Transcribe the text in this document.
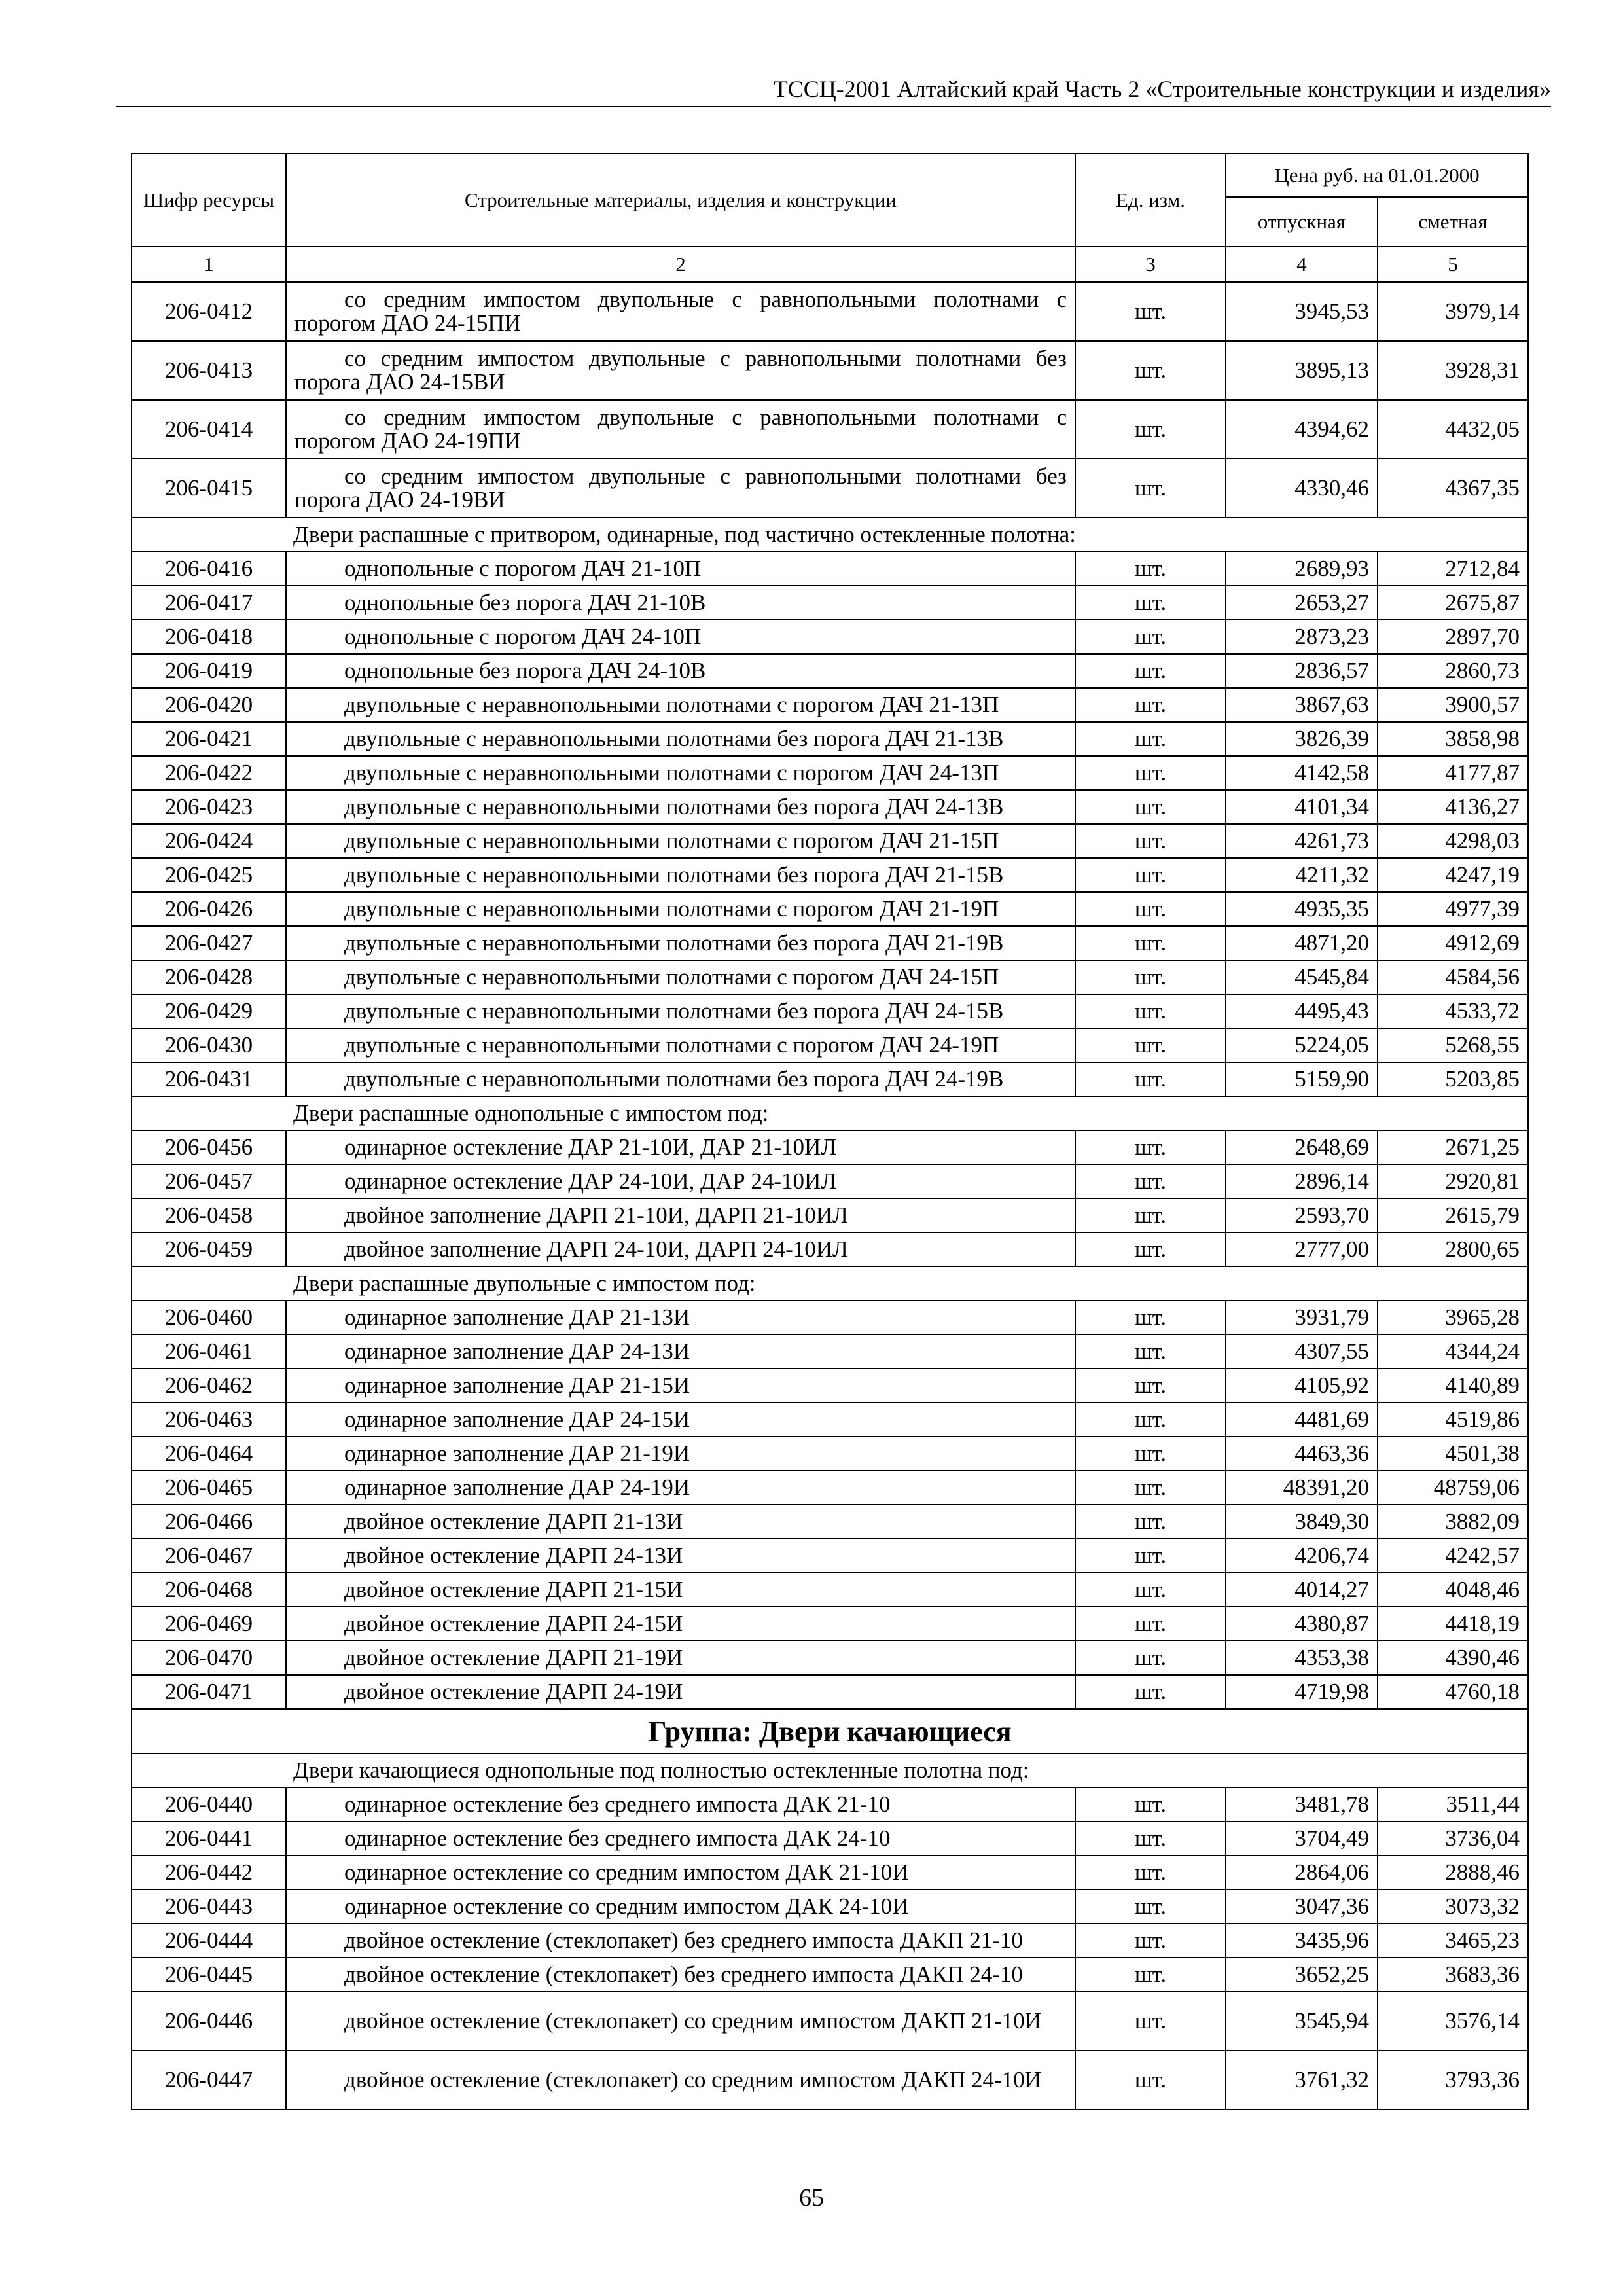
ТССЦ-2001 Алтайский край Часть 2 «Строительные конструкции и изделия»
Шифр ресурсы	Строительные материалы, изделия и конструкции	Ед. изм.	Цена руб. на 01.01.2000	
			отпускная	сметная
1	2	3	4	5
206-0412	со средним импостом двупольные с равнопольными полотнами с порогом ДАО 24-15ПИ	шт.	3945,53	3979,14
206-0413	со средним импостом двупольные с равнопольными полотнами без порога ДАО 24-15ВИ	шт.	3895,13	3928,31
206-0414	со средним импостом двупольные с равнопольными полотнами с порогом ДАО 24-19ПИ	шт.	4394,62	4432,05
206-0415	со средним импостом двупольные с равнопольными полотнами без порога ДАО 24-19ВИ	шт.	4330,46	4367,35
Двери распашные с притвором, одинарные, под частично остекленные полотна:				
206-0416	однопольные с порогом ДАЧ 21-10П	шт.	2689,93	2712,84
206-0417	однопольные без порога ДАЧ 21-10В	шт.	2653,27	2675,87
206-0418	однопольные с порогом ДАЧ 24-10П	шт.	2873,23	2897,70
206-0419	однопольные без порога ДАЧ 24-10В	шт.	2836,57	2860,73
206-0420	двупольные с неравнопольными полотнами с порогом ДАЧ 21-13П	шт.	3867,63	3900,57
206-0421	двупольные с неравнопольными полотнами без порога ДАЧ 21-13В	шт.	3826,39	3858,98
206-0422	двупольные с неравнопольными полотнами с порогом ДАЧ 24-13П	шт.	4142,58	4177,87
206-0423	двупольные с неравнопольными полотнами без порога ДАЧ 24-13В	шт.	4101,34	4136,27
206-0424	двупольные с неравнопольными полотнами с порогом ДАЧ 21-15П	шт.	4261,73	4298,03
206-0425	двупольные с неравнопольными полотнами без порога ДАЧ 21-15В	шт.	4211,32	4247,19
206-0426	двупольные с неравнопольными полотнами с порогом ДАЧ 21-19П	шт.	4935,35	4977,39
206-0427	двупольные с неравнопольными полотнами без порога ДАЧ 21-19В	шт.	4871,20	4912,69
206-0428	двупольные с неравнопольными полотнами с порогом ДАЧ 24-15П	шт.	4545,84	4584,56
206-0429	двупольные с неравнопольными полотнами без порога ДАЧ 24-15В	шт.	4495,43	4533,72
206-0430	двупольные с неравнопольными полотнами с порогом ДАЧ 24-19П	шт.	5224,05	5268,55
206-0431	двупольные с неравнопольными полотнами без порога ДАЧ 24-19В	шт.	5159,90	5203,85
Двери распашные однопольные с импостом под:				
206-0456	одинарное остекление ДАР 21-10И, ДАР 21-10ИЛ	шт.	2648,69	2671,25
206-0457	одинарное остекление ДАР 24-10И, ДАР 24-10ИЛ	шт.	2896,14	2920,81
206-0458	двойное заполнение ДАРП 21-10И, ДАРП 21-10ИЛ	шт.	2593,70	2615,79
206-0459	двойное заполнение ДАРП 24-10И, ДАРП 24-10ИЛ	шт.	2777,00	2800,65
Двери распашные двупольные с импостом под:				
206-0460	одинарное заполнение ДАР 21-13И	шт.	3931,79	3965,28
206-0461	одинарное заполнение ДАР 24-13И	шт.	4307,55	4344,24
206-0462	одинарное заполнение ДАР 21-15И	шт.	4105,92	4140,89
206-0463	одинарное заполнение ДАР 24-15И	шт.	4481,69	4519,86
206-0464	одинарное заполнение ДАР 21-19И	шт.	4463,36	4501,38
206-0465	одинарное заполнение ДАР 24-19И	шт.	48391,20	48759,06
206-0466	двойное остекление ДАРП 21-13И	шт.	3849,30	3882,09
206-0467	двойное остекление ДАРП 24-13И	шт.	4206,74	4242,57
206-0468	двойное остекление ДАРП 21-15И	шт.	4014,27	4048,46
206-0469	двойное остекление ДАРП 24-15И	шт.	4380,87	4418,19
206-0470	двойное остекление ДАРП 21-19И	шт.	4353,38	4390,46
206-0471	двойное остекление ДАРП 24-19И	шт.	4719,98	4760,18
Группа: Двери качающиеся				
Двери качающиеся однопольные под полностью остекленные полотна под:				
206-0440	одинарное остекление без среднего импоста ДАК 21-10	шт.	3481,78	3511,44
206-0441	одинарное остекление без среднего импоста ДАК 24-10	шт.	3704,49	3736,04
206-0442	одинарное остекление со средним импостом ДАК 21-10И	шт.	2864,06	2888,46
206-0443	одинарное остекление со средним импостом ДАК 24-10И	шт.	3047,36	3073,32
206-0444	двойное остекление (стеклопакет) без среднего импоста ДАКП 21-10	шт.	3435,96	3465,23
206-0445	двойное остекление (стеклопакет) без среднего импоста ДАКП 24-10	шт.	3652,25	3683,36
206-0446	двойное остекление (стеклопакет) со средним импостом ДАКП 21-10И	шт.	3545,94	3576,14
206-0447	двойное остекление (стеклопакет) со средним импостом ДАКП 24-10И	шт.	3761,32	3793,36
65
